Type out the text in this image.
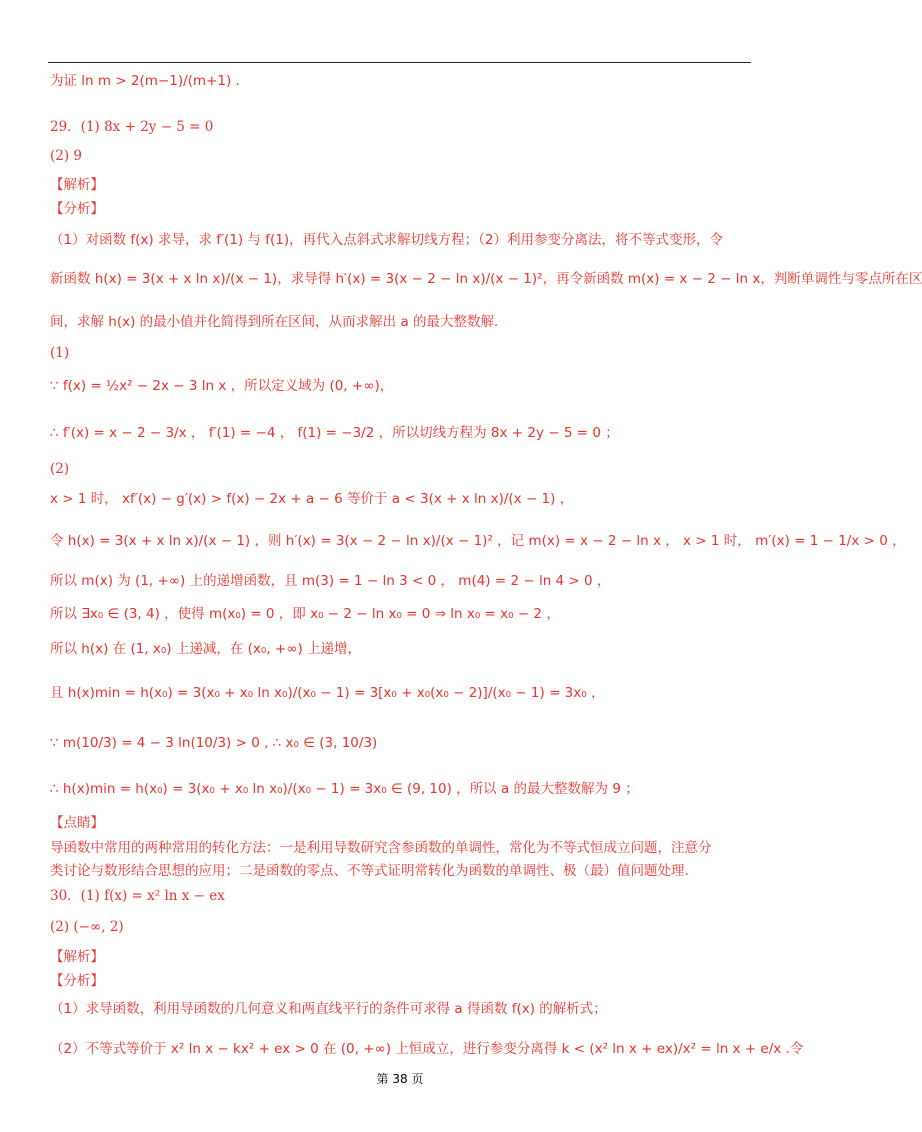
为证 ln m > 2(m−1)/(m+1) .
29．(1) 8x + 2y − 5 = 0
(2) 9
【解析】
【分析】
（1）对函数 f(x) 求导，求 f′(1) 与 f(1)，再代入点斜式求解切线方程；（2）利用参变分离法，将不等式变形，令
新函数 h(x) = 3(x + x ln x)/(x − 1)，求导得 h′(x) = 3(x − 2 − ln x)/(x − 1)²，再令新函数 m(x) = x − 2 − ln x，判断单调性与零点所在区
间，求解 h(x) 的最小值并化简得到所在区间，从而求解出 a 的最大整数解.
(1)
∵ f(x) = ½x² − 2x − 3 ln x ，所以定义域为 (0, +∞)，
∴ f′(x) = x − 2 − 3/x ， f′(1) = −4 ， f(1) = −3/2 ，所以切线方程为 8x + 2y − 5 = 0 ；
(2)
x > 1 时， xf′(x) − g′(x) > f(x) − 2x + a − 6 等价于 a < 3(x + x ln x)/(x − 1) ，
令 h(x) = 3(x + x ln x)/(x − 1) ，则 h′(x) = 3(x − 2 − ln x)/(x − 1)² ，记 m(x) = x − 2 − ln x ， x > 1 时， m′(x) = 1 − 1/x > 0 ，
所以 m(x) 为 (1, +∞) 上的递增函数，且 m(3) = 1 − ln 3 < 0 ， m(4) = 2 − ln 4 > 0 ，
所以 ∃x₀ ∈ (3, 4) ，使得 m(x₀) = 0 ，即 x₀ − 2 − ln x₀ = 0 ⇒ ln x₀ = x₀ − 2 ，
所以 h(x) 在 (1, x₀) 上递减，在 (x₀, +∞) 上递增，
且 h(x)min = h(x₀) = 3(x₀ + x₀ ln x₀)/(x₀ − 1) = 3[x₀ + x₀(x₀ − 2)]/(x₀ − 1) = 3x₀ ，
∵ m(10/3) = 4 − 3 ln(10/3) > 0 , ∴ x₀ ∈ (3, 10/3)
∴ h(x)min = h(x₀) = 3(x₀ + x₀ ln x₀)/(x₀ − 1) = 3x₀ ∈ (9, 10) ，所以 a 的最大整数解为 9 ；
【点睛】
导函数中常用的两种常用的转化方法：一是利用导数研究含参函数的单调性，常化为不等式恒成立问题，注意分
类讨论与数形结合思想的应用；二是函数的零点、不等式证明常转化为函数的单调性、极（最）值问题处理.
30．(1) f(x) = x² ln x − ex
(2) (−∞, 2)
【解析】
【分析】
（1）求导函数，利用导函数的几何意义和两直线平行的条件可求得 a 得函数 f(x) 的解析式；
（2）不等式等价于 x² ln x − kx² + ex > 0 在 (0, +∞) 上恒成立，进行参变分离得 k < (x² ln x + ex)/x² = ln x + e/x .令
第 38 页
